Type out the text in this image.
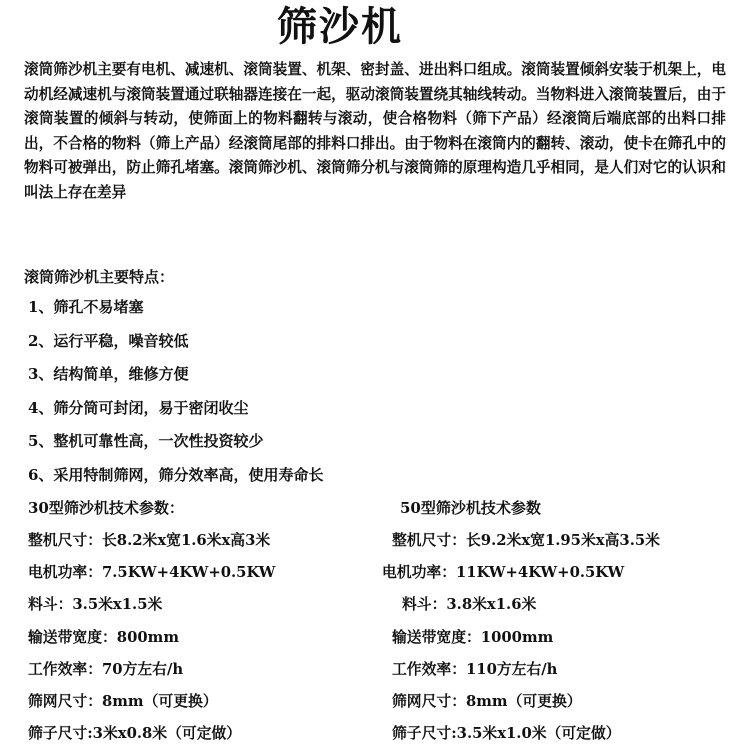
筛沙机

滚筒筛沙机主要有电机、减速机、滚筒装置、机架、密封盖、进出料口组成。滚筒装置倾斜安装于机架上，电动机经减速机与滚筒装置通过联轴器连接在一起，驱动滚筒装置绕其轴线转动。当物料进入滚筒装置后，由于滚筒装置的倾斜与转动，使筛面上的物料翻转与滚动，使合格物料（筛下产品）经滚筒后端底部的出料口排出，不合格的物料（筛上产品）经滚筒尾部的排料口排出。由于物料在滚筒内的翻转、滚动，使卡在筛孔中的物料可被弹出，防止筛孔堵塞。滚筒筛沙机、滚筒筛分机与滚筒筛的原理构造几乎相同，是人们对它的认识和叫法上存在差异

滚筒筛沙机主要特点：

1、筛孔不易堵塞
2、运行平稳，噪音较低
3、结构简单，维修方便
4、筛分筒可封闭，易于密闭收尘
5、整机可靠性高，一次性投资较少
6、采用特制筛网，筛分效率高，使用寿命长
30型筛沙机技术参数：
整机尺寸：长8.2米x宽1.6米x高3米
电机功率：7.5KW+4KW+0.5KW
料斗：3.5米x1.5米
输送带宽度：800mm
工作效率：70方左右/h
筛网尺寸：8mm（可更换）
筛子尺寸:3米x0.8米（可定做）
50型筛沙机技术参数
整机尺寸：长9.2米x宽1.95米x高3.5米
电机功率：11KW+4KW+0.5KW
料斗：3.8米x1.6米
输送带宽度：1000mm
工作效率：110方左右/h
筛网尺寸：8mm（可更换）
筛子尺寸:3.5米x1.0米（可定做）
